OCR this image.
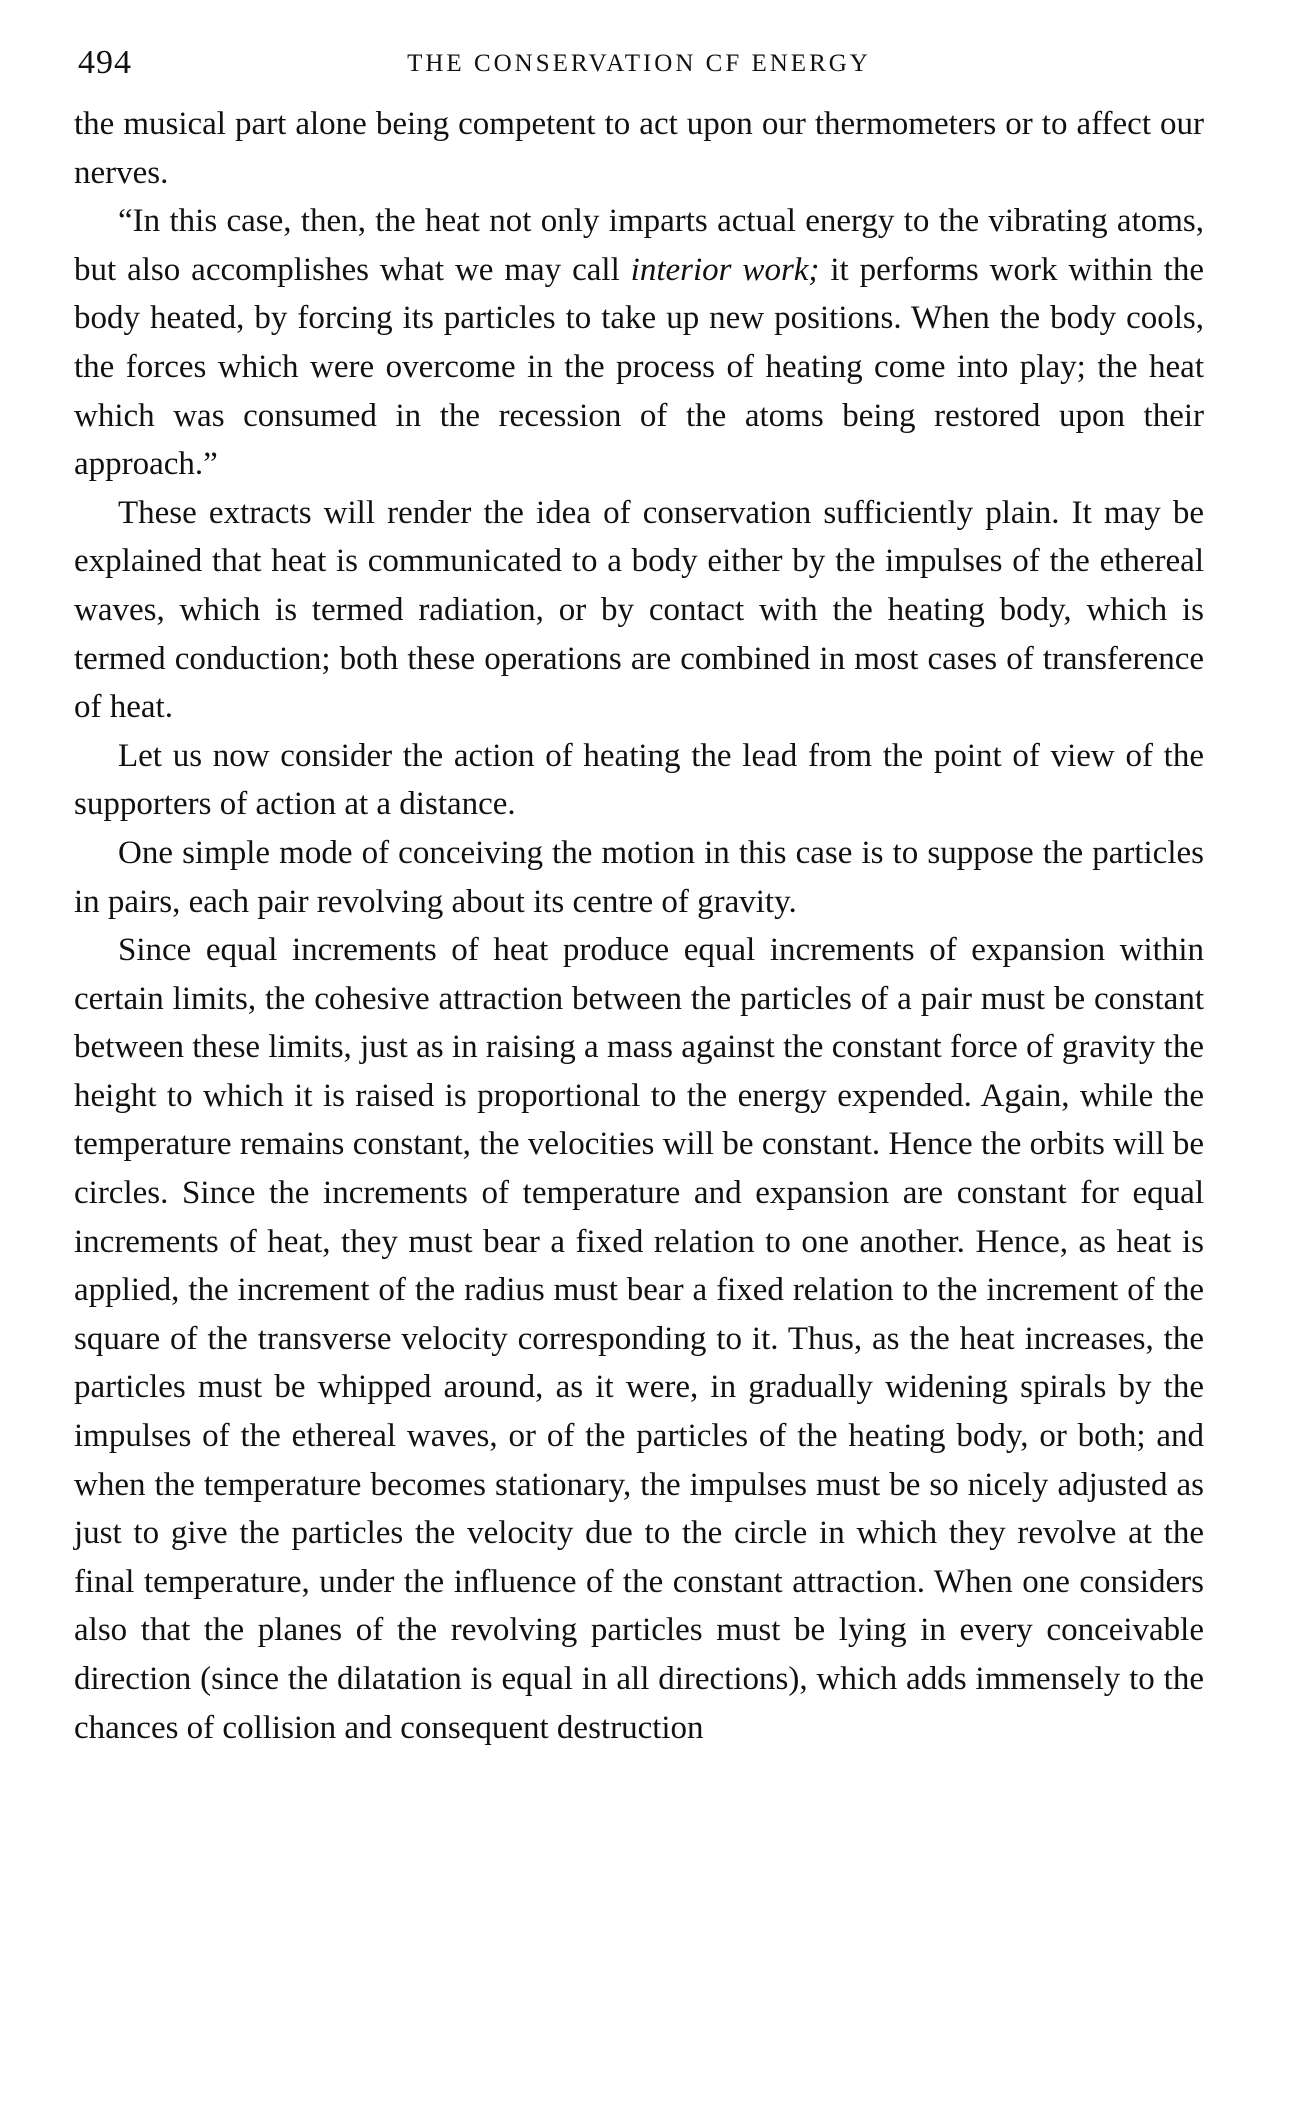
494	THE CONSERVATION CF ENERGY

the musical part alone being competent to act upon our thermometers or to affect our nerves.

“In this case, then, the heat not only imparts actual energy to the vibrating atoms, but also accomplishes what we may call interior work; it performs work within the body heated, by forcing its particles to take up new positions. When the body cools, the forces which were overcome in the process of heating come into play; the heat which was consumed in the recession of the atoms being restored upon their approach.”

These extracts will render the idea of conservation sufficiently plain. It may be explained that heat is communicated to a body either by the impulses of the ethereal waves, which is termed radiation, or by contact with the heating body, which is termed conduction; both these operations are combined in most cases of transference of heat.

Let us now consider the action of heating the lead from the point of view of the supporters of action at a distance.

One simple mode of conceiving the motion in this case is to suppose the particles in pairs, each pair revolving about its centre of gravity.

Since equal increments of heat produce equal increments of expansion within certain limits, the cohesive attraction between the particles of a pair must be constant between these limits, just as in raising a mass against the constant force of gravity the height to which it is raised is proportional to the energy expended. Again, while the temperature remains constant, the velocities will be constant. Hence the orbits will be circles. Since the increments of temperature and expansion are constant for equal increments of heat, they must bear a fixed relation to one another. Hence, as heat is applied, the increment of the radius must bear a fixed relation to the increment of the square of the transverse velocity corresponding to it. Thus, as the heat increases, the particles must be whipped around, as it were, in gradually widening spirals by the impulses of the ethereal waves, or of the particles of the heating body, or both; and when the temperature becomes stationary, the impulses must be so nicely adjusted as just to give the particles the velocity due to the circle in which they revolve at the final temperature, under the influence of the constant attraction. When one considers also that the planes of the revolving particles must be lying in every conceivable direction (since the dilatation is equal in all directions), which adds immensely to the chances of collision and consequent destruction
